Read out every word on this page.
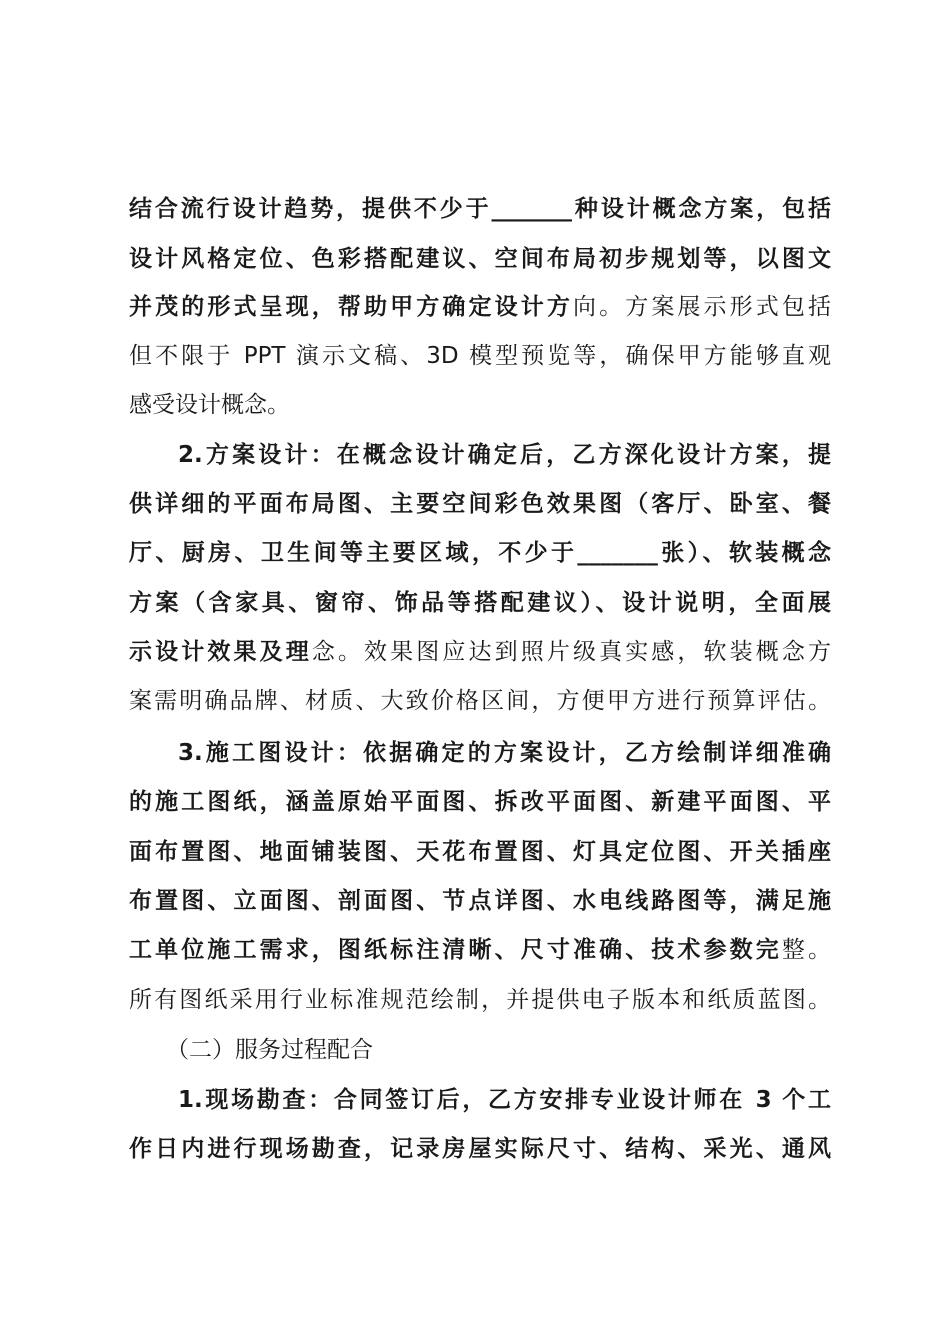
结合流行设计趋势，提供不少于_______种设计概念方案，包括
设计风格定位、色彩搭配建议、空间布局初步规划等，以图文
并茂的形式呈现，帮助甲方确定设计方向。方案展示形式包括
但不限于 PPT 演示文稿、3D 模型预览等，确保甲方能够直观
感受设计概念。
2.方案设计：在概念设计确定后，乙方深化设计方案，提
供详细的平面布局图、主要空间彩色效果图（客厅、卧室、餐
厅、厨房、卫生间等主要区域，不少于_______张）、软装概念
方案（含家具、窗帘、饰品等搭配建议）、设计说明，全面展
示设计效果及理念。效果图应达到照片级真实感，软装概念方
案需明确品牌、材质、大致价格区间，方便甲方进行预算评估。
3.施工图设计：依据确定的方案设计，乙方绘制详细准确
的施工图纸，涵盖原始平面图、拆改平面图、新建平面图、平
面布置图、地面铺装图、天花布置图、灯具定位图、开关插座
布置图、立面图、剖面图、节点详图、水电线路图等，满足施
工单位施工需求，图纸标注清晰、尺寸准确、技术参数完整。
所有图纸采用行业标准规范绘制，并提供电子版本和纸质蓝图。
（二）服务过程配合
1.现场勘查：合同签订后，乙方安排专业设计师在 3 个工
作日内进行现场勘查，记录房屋实际尺寸、结构、采光、通风
